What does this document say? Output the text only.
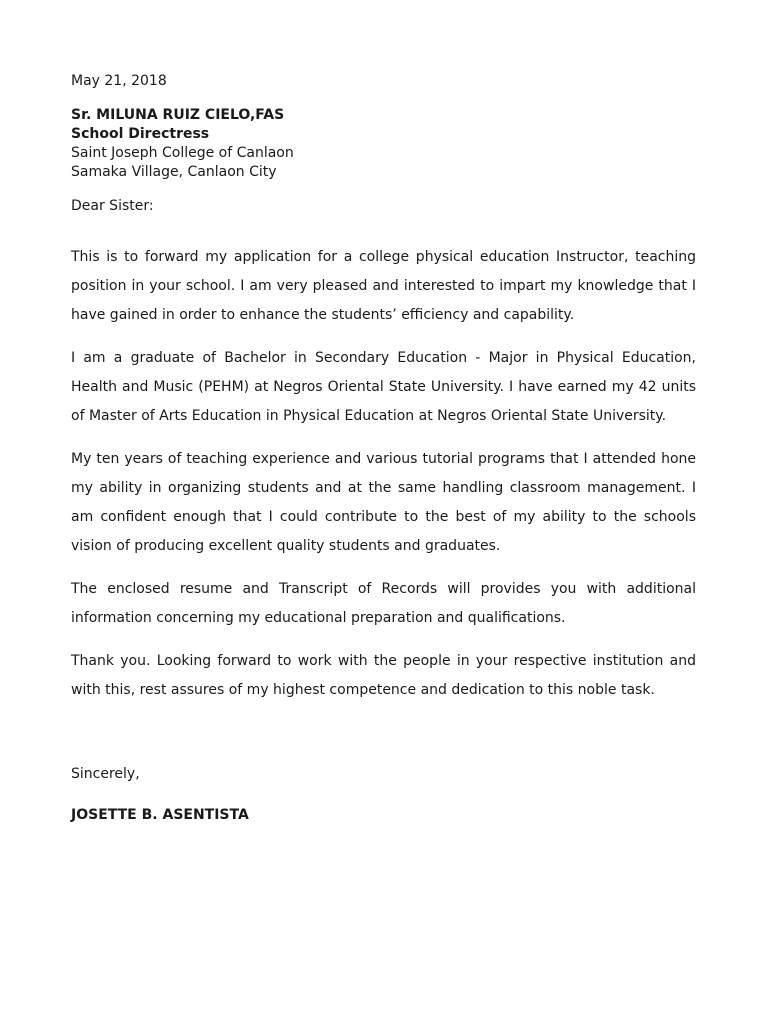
May 21, 2018
Sr. MILUNA RUIZ CIELO,FAS
School Directress
Saint Joseph College of Canlaon
Samaka Village, Canlaon City
Dear Sister:

This is to forward my application for a college physical education Instructor, teaching position in your school. I am very pleased and interested to impart my knowledge that I have gained in order to enhance the students’ efficiency and capability.

I am a graduate of Bachelor in Secondary Education - Major in Physical Education, Health and Music (PEHM) at Negros Oriental State University. I have earned my 42 units of Master of Arts Education in Physical Education at Negros Oriental State University.

My ten years of teaching experience and various tutorial programs that I attended hone my ability in organizing students and at the same handling classroom management. I am confident enough that I could contribute to the best of my ability to the schools vision of producing excellent quality students and graduates.

The enclosed resume and Transcript of Records will provides you with additional information concerning my educational preparation and qualifications.

Thank you. Looking forward to work with the people in your respective institution and with this, rest assures of my highest competence and dedication to this noble task.

Sincerely,
JOSETTE B. ASENTISTA
